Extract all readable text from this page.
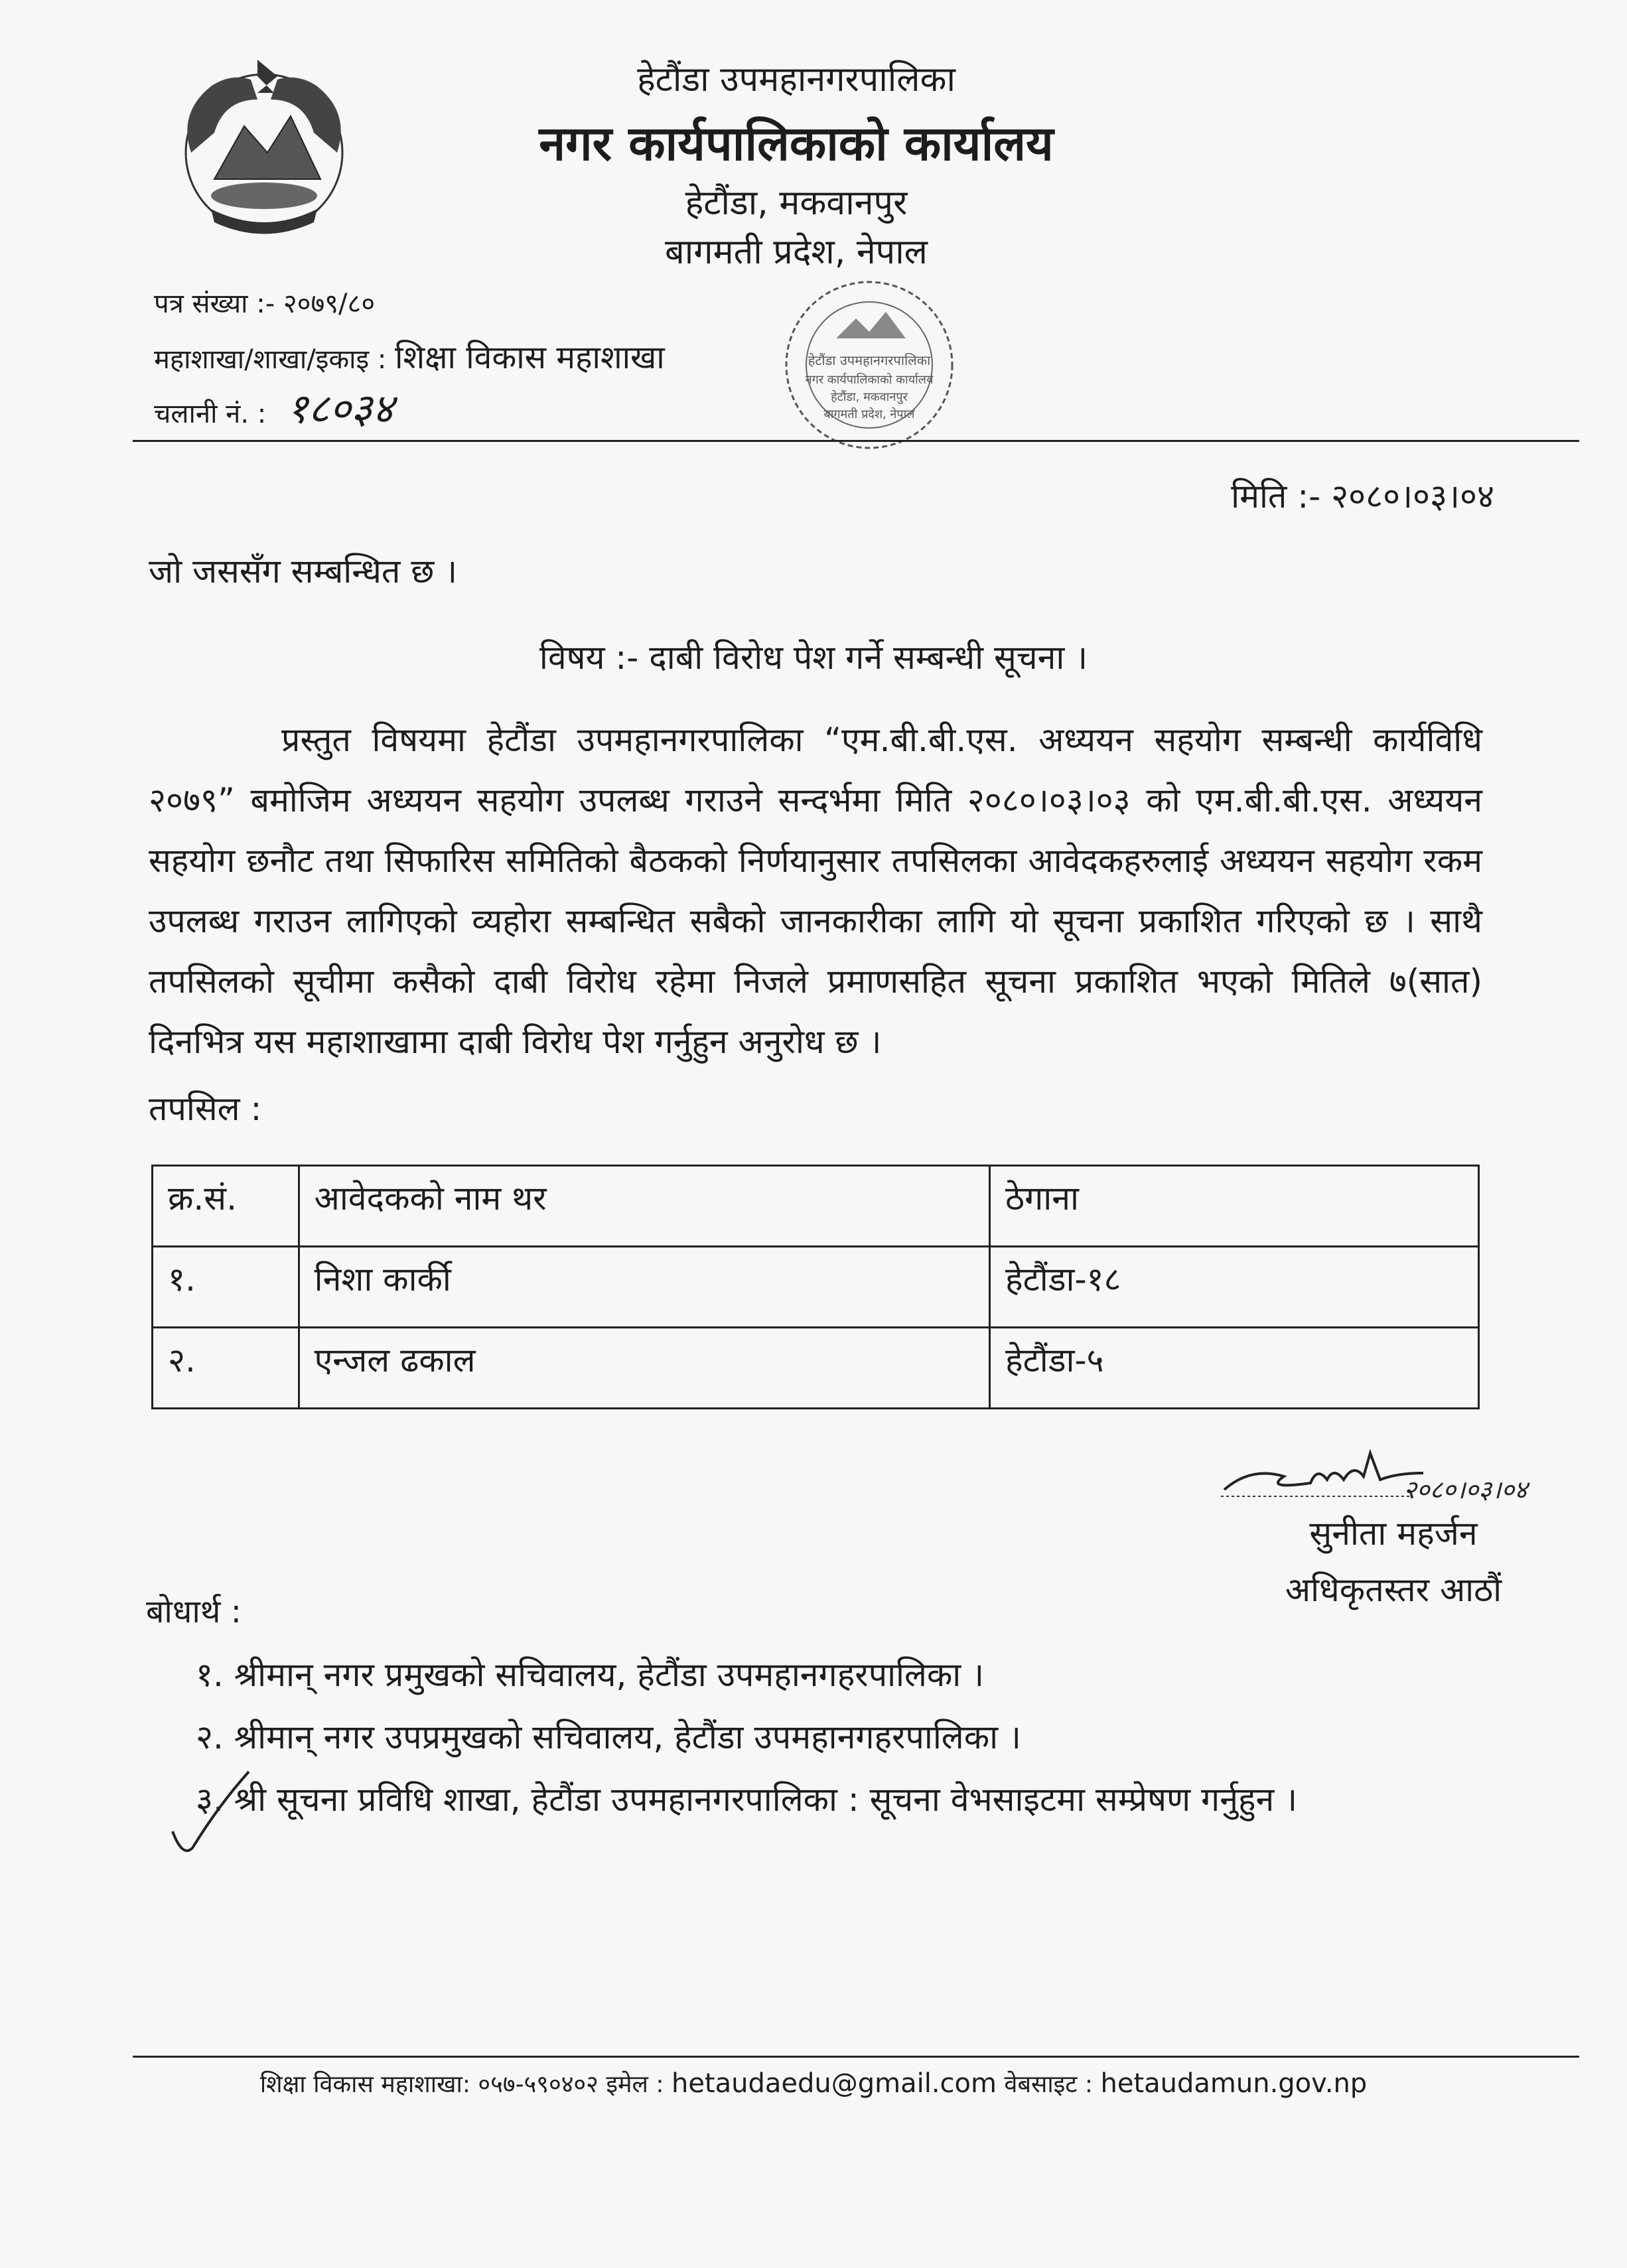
हेटौंडा उपमहानगरपालिका
नगर कार्यपालिकाको कार्यालय
हेटौंडा, मकवानपुर
बागमती प्रदेश, नेपाल
पत्र संख्या :- २०७९/८०
महाशाखा/शाखा/इकाइ : शिक्षा विकास महाशाखा
चलानी नं. : १८०३४
हेटौंडा उपमहानगरपालिका
नगर कार्यपालिकाको कार्यालय
हेटौंडा, मकवानपुर
बागमती प्रदेश, नेपाल
मिति :- २०८०।०३।०४
जो जससँग सम्बन्धित छ ।
विषय :- दाबी विरोध पेश गर्ने सम्बन्धी सूचना ।
प्रस्तुत विषयमा हेटौंडा उपमहानगरपालिका “एम.बी.बी.एस. अध्ययन सहयोग सम्बन्धी कार्यविधि २०७९” बमोजिम अध्ययन सहयोग उपलब्ध गराउने सन्दर्भमा मिति २०८०।०३।०३ को एम.बी.बी.एस. अध्ययन सहयोग छनौट तथा सिफारिस समितिको बैठकको निर्णयानुसार तपसिलका आवेदकहरुलाई अध्ययन सहयोग रकम उपलब्ध गराउन लागिएको व्यहोरा सम्बन्धित सबैको जानकारीका लागि यो सूचना प्रकाशित गरिएको छ । साथै तपसिलको सूचीमा कसैको दाबी विरोध रहेमा निजले प्रमाणसहित सूचना प्रकाशित भएको मितिले ७(सात) दिनभित्र यस महाशाखामा दाबी विरोध पेश गर्नुहुन अनुरोध छ ।
तपसिल :
क्र.सं.	आवेदकको नाम थर	ठेगाना
१.	निशा कार्की	हेटौंडा-१८
२.	एन्जल ढकाल	हेटौंडा-५
२०८०।०३।०४
सुनीता महर्जन
अधिकृतस्तर आठौं
बोधार्थ :
१. श्रीमान् नगर प्रमुखको सचिवालय, हेटौंडा उपमहानगहरपालिका ।
२. श्रीमान् नगर उपप्रमुखको सचिवालय, हेटौंडा उपमहानगहरपालिका ।
३. श्री सूचना प्रविधि शाखा, हेटौंडा उपमहानगरपालिका : सूचना वेभसाइटमा सम्प्रेषण गर्नुहुन ।
शिक्षा विकास महाशाखा: ०५७-५९०४०२ इमेल : hetaudaedu@gmail.com वेबसाइट : hetaudamun.gov.np
